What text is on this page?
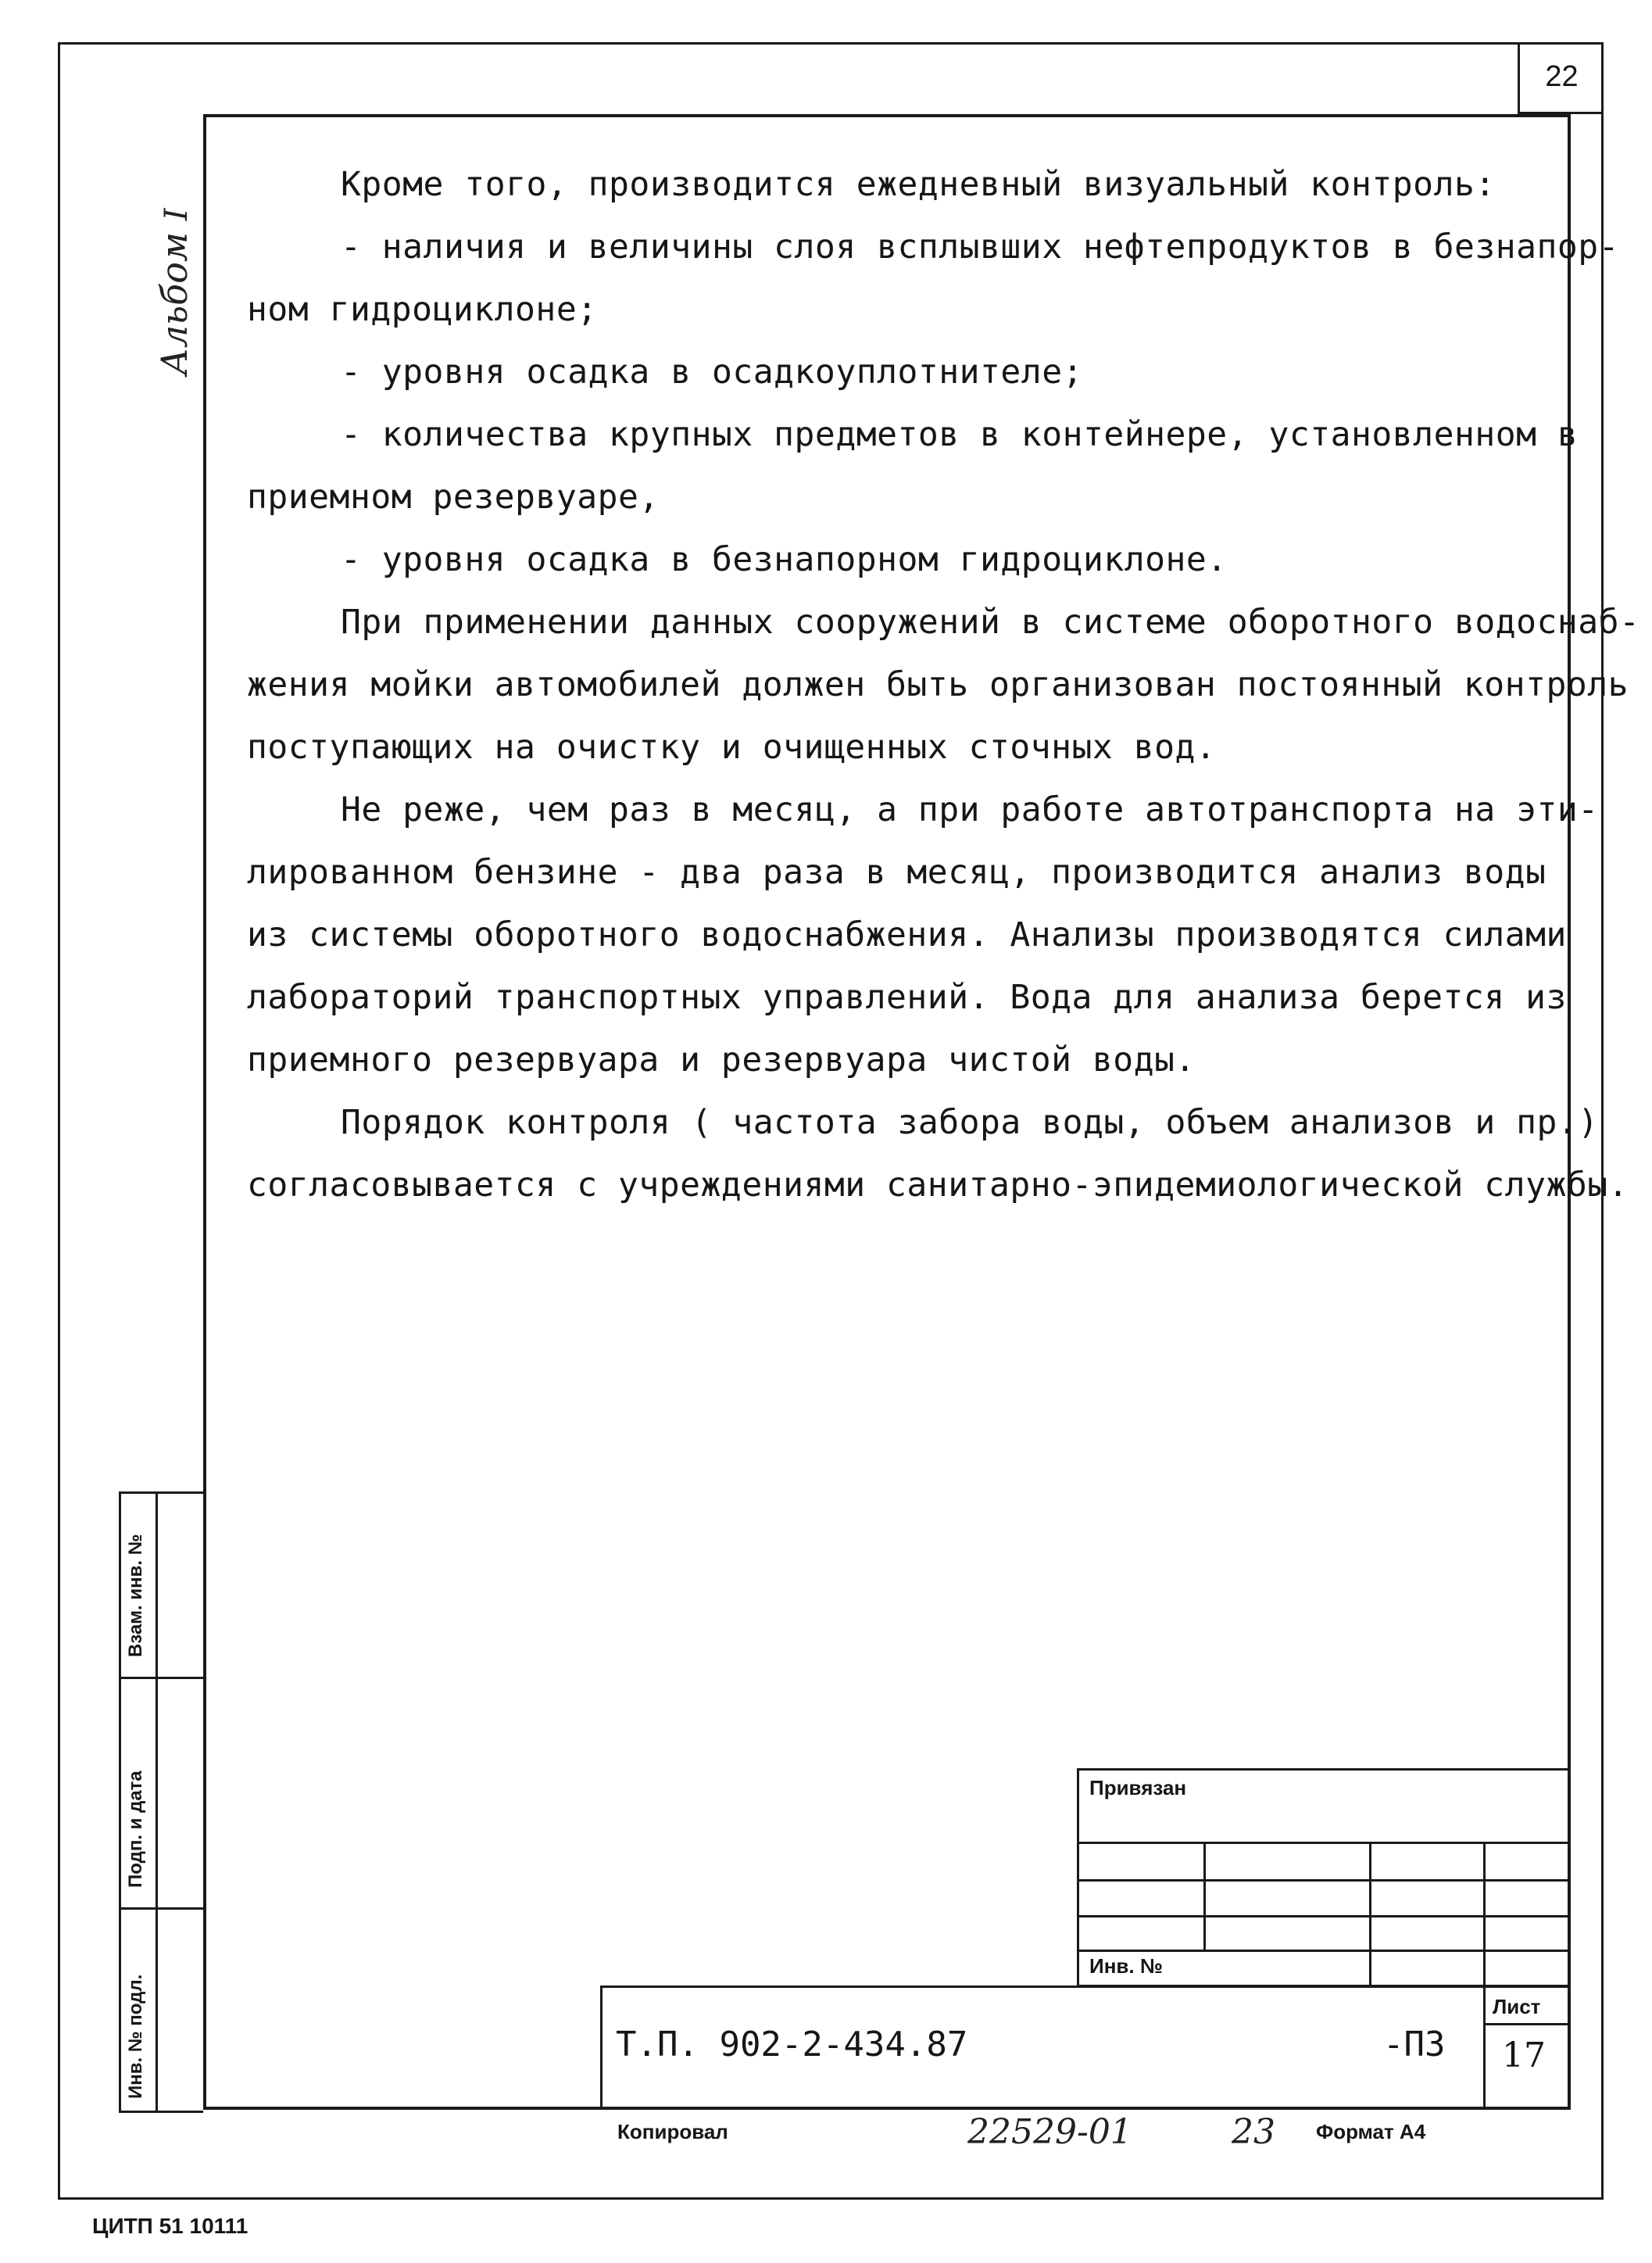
22
Альбом I

Кроме того, производится ежедневный визуальный контроль:

- наличия и величины слоя всплывших нефтепродуктов в безнапор-

ном гидроциклоне;

- уровня осадка в осадкоуплотнителе;

- количества крупных предметов в контейнере, установленном в

приемном резервуаре,

- уровня осадка в безнапорном гидроциклоне.

При применении данных сооружений в системе оборотного водоснаб-

жения мойки автомобилей должен быть организован постоянный контроль

поступающих на очистку и очищенных сточных вод.

Не реже, чем раз в месяц, а при работе автотранспорта на эти-

лированном бензине - два раза в месяц, производится анализ воды

из системы оборотного водоснабжения. Анализы производятся силами

лабораторий транспортных управлений. Вода для анализа берется из

приемного резервуара и резервуара чистой воды.

Порядок контроля ( частота забора воды, объем анализов и пр.)

согласовывается с учреждениями санитарно-эпидемиологической службы.

Взам. инв. №
Подп. и дата
Инв. № подл.
Привязан
Инв. №
Лист
Т.П. 902-2-434.87	-ПЗ 17
Копировал	22529-01	23 Формат А4
ЦИТП 51 10111
